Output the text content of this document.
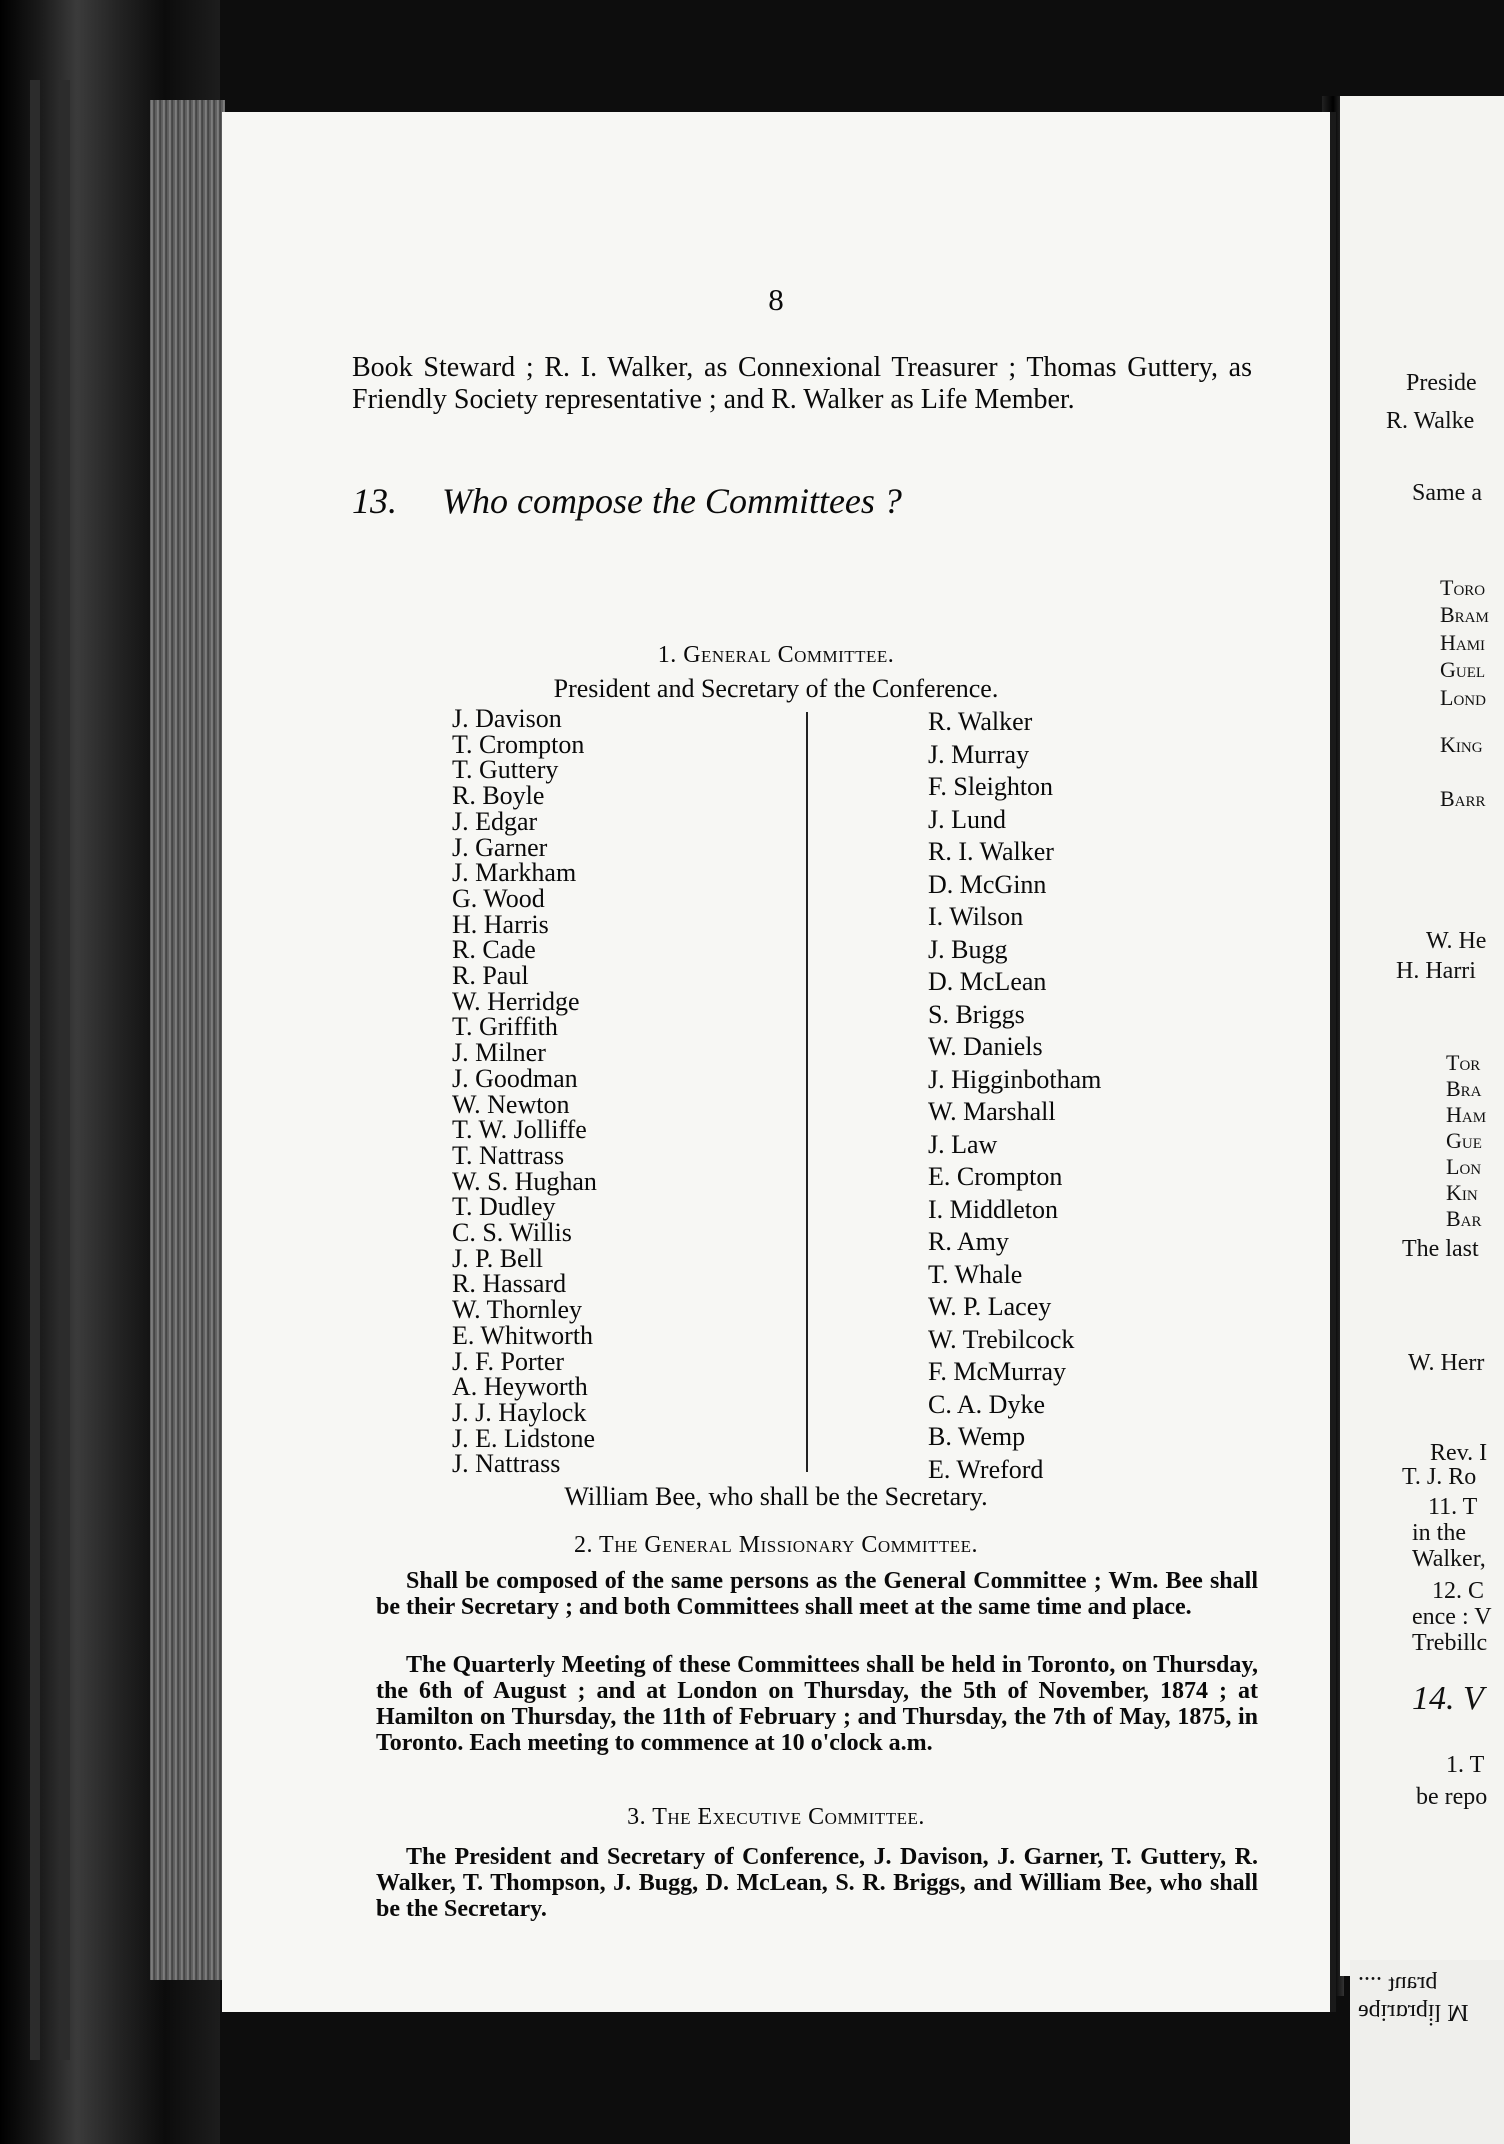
8
Book Steward ; R. I. Walker, as Connexional Treasurer ; Thomas Guttery, as Friendly Society representative ; and R. Walker as Life Member.
13. Who compose the Committees ?
1. General Committee.
President and Secretary of the Conference.
J. Davison
T. Crompton
T. Guttery
R. Boyle
J. Edgar
J. Garner
J. Markham
G. Wood
H. Harris
R. Cade
R. Paul
W. Herridge
T. Griffith
J. Milner
J. Goodman
W. Newton
T. W. Jolliffe
T. Nattrass
W. S. Hughan
T. Dudley
C. S. Willis
J. P. Bell
R. Hassard
W. Thornley
E. Whitworth
J. F. Porter
A. Heyworth
J. J. Haylock
J. E. Lidstone
J. Nattrass
R. Walker
J. Murray
F. Sleighton
J. Lund
R. I. Walker
D. McGinn
I. Wilson
J. Bugg
D. McLean
S. Briggs
W. Daniels
J. Higginbotham
W. Marshall
J. Law
E. Crompton
I. Middleton
R. Amy
T. Whale
W. P. Lacey
W. Trebilcock
F. McMurray
C. A. Dyke
B. Wemp
E. Wreford
William Bee, who shall be the Secretary.
2. The General Missionary Committee.
Shall be composed of the same persons as the General Committee ; Wm. Bee shall be their Secretary ; and both Committees shall meet at the same time and place.
The Quarterly Meeting of these Committees shall be held in Toronto, on Thursday, the 6th of August ; and at London on Thursday, the 5th of November, 1874 ; at Hamilton on Thursday, the 11th of February ; and Thursday, the 7th of May, 1875, in Toronto. Each meeting to commence at 10 o'clock a.m.
3. The Executive Committee.
The President and Secretary of Conference, J. Davison, J. Garner, T. Guttery, R. Walker, T. Thompson, J. Bugg, D. McLean, S. R. Briggs, and William Bee, who shall be the Secretary.
əqiɹɒɹqi̇l M
.... ʇuɐɹq
Preside
R. Walke
Same a
Toro
Bram
Hami
Guel
Lond
King
Barr
W. He
H. Harri
Tor
Bra
Ham
Gue
Lon
Kin
Bar
The last
W. Herr
Rev. I
T. J. Ro
11. T
in the
Walker,
12. C
ence : V
Trebillc
14. V
1. T
be repo
